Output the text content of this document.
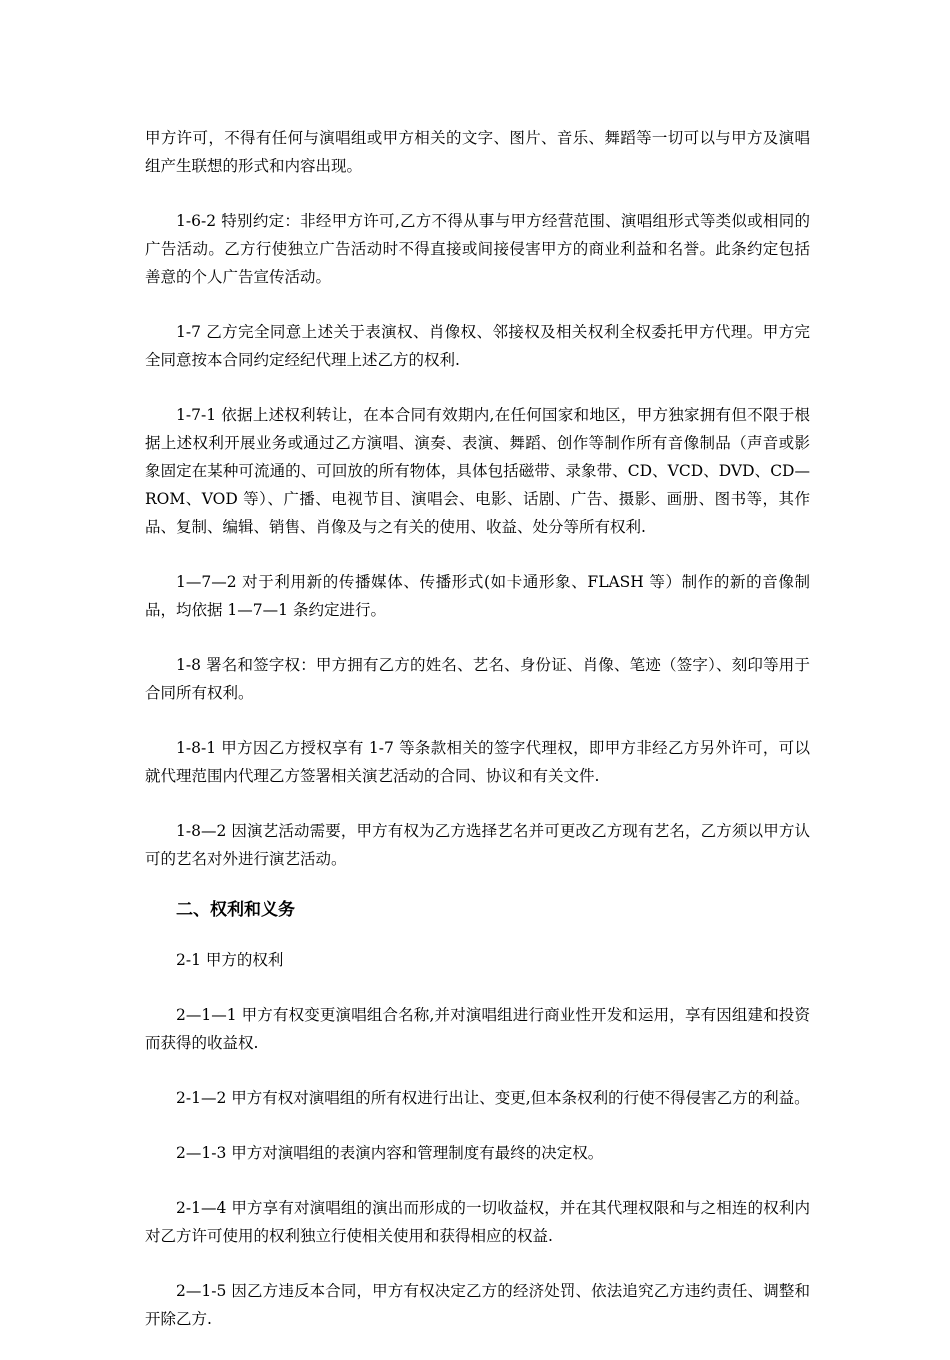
甲方许可，不得有任何与演唱组或甲方相关的文字、图片、音乐、舞蹈等一切可以与甲方及演唱组产生联想的形式和内容出现。

1-6-2 特别约定：非经甲方许可,乙方不得从事与甲方经营范围、演唱组形式等类似或相同的广告活动。乙方行使独立广告活动时不得直接或间接侵害甲方的商业利益和名誉。此条约定包括善意的个人广告宣传活动。

1-7 乙方完全同意上述关于表演权、肖像权、邻接权及相关权利全权委托甲方代理。甲方完全同意按本合同约定经纪代理上述乙方的权利.

1-7-1 依据上述权利转让，在本合同有效期内,在任何国家和地区，甲方独家拥有但不限于根据上述权利开展业务或通过乙方演唱、演奏、表演、舞蹈、创作等制作所有音像制品（声音或影象固定在某种可流通的、可回放的所有物体，具体包括磁带、录象带、CD、VCD、DVD、CD—ROM、VOD 等）、广播、电视节目、演唱会、电影、话剧、广告、摄影、画册、图书等，其作品、复制、编辑、销售、肖像及与之有关的使用、收益、处分等所有权利.

1—7—2 对于利用新的传播媒体、传播形式(如卡通形象、FLASH 等）制作的新的音像制品，均依据 1—7—1 条约定进行。

1-8 署名和签字权：甲方拥有乙方的姓名、艺名、身份证、肖像、笔迹（签字）、刻印等用于合同所有权利。

1-8-1 甲方因乙方授权享有 1-7 等条款相关的签字代理权，即甲方非经乙方另外许可，可以就代理范围内代理乙方签署相关演艺活动的合同、协议和有关文件.

1-8—2 因演艺活动需要，甲方有权为乙方选择艺名并可更改乙方现有艺名，乙方须以甲方认可的艺名对外进行演艺活动。

二、权利和义务

2-1 甲方的权利

2—1—1 甲方有权变更演唱组合名称,并对演唱组进行商业性开发和运用，享有因组建和投资而获得的收益权.

2-1—2 甲方有权对演唱组的所有权进行出让、变更,但本条权利的行使不得侵害乙方的利益。

2—1-3 甲方对演唱组的表演内容和管理制度有最终的决定权。

2-1—4 甲方享有对演唱组的演出而形成的一切收益权，并在其代理权限和与之相连的权利内对乙方许可使用的权利独立行使相关使用和获得相应的权益.

2—1-5 因乙方违反本合同，甲方有权决定乙方的经济处罚、依法追究乙方违约责任、调整和开除乙方.
